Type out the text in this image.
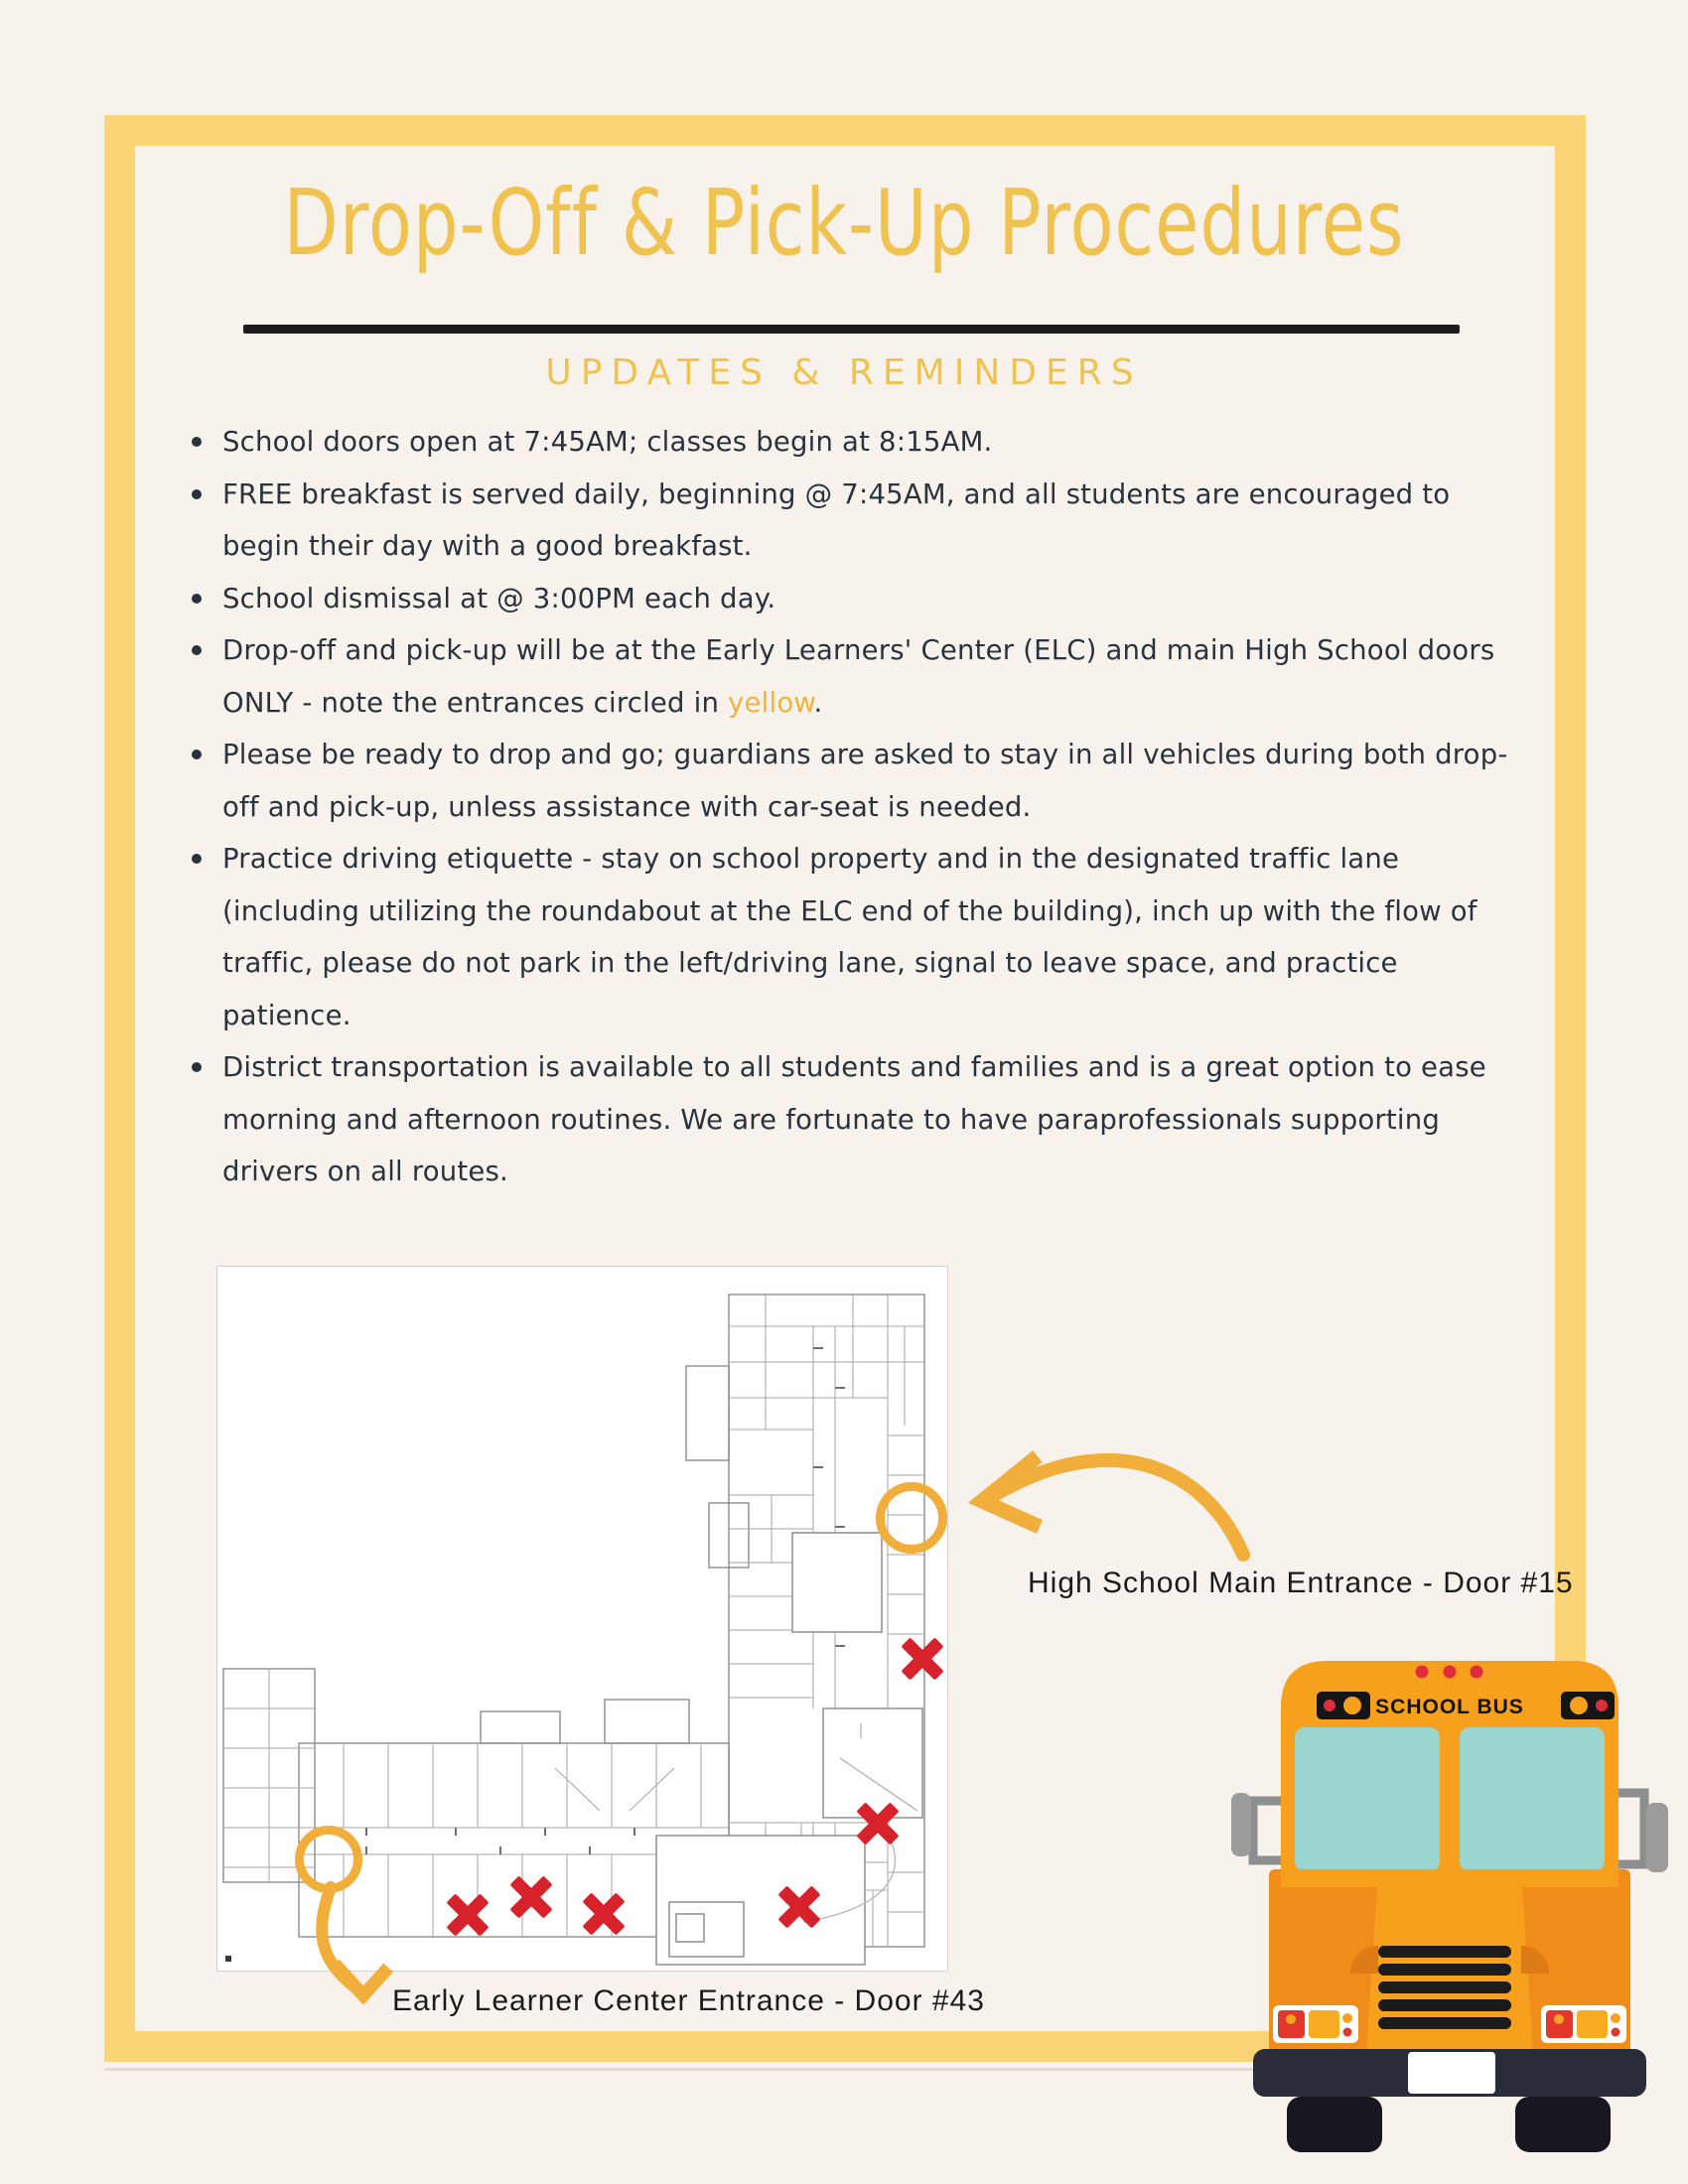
Drop-Off & Pick-Up Procedures
UPDATES & REMINDERS
School doors open at 7:45AM; classes begin at 8:15AM.
FREE breakfast is served daily, beginning @ 7:45AM, and all students are encouraged to begin their day with a good breakfast.
School dismissal at @ 3:00PM each day.
Drop-off and pick-up will be at the Early Learners' Center (ELC) and main High School doors ONLY - note the entrances circled in yellow.
Please be ready to drop and go; guardians are asked to stay in all vehicles during both drop-off and pick-up, unless assistance with car-seat is needed.
Practice driving etiquette - stay on school property and in the designated traffic lane (including utilizing the roundabout at the ELC end of the building), inch up with the flow of traffic, please do not park in the left/driving lane, signal to leave space, and practice patience.
District transportation is available to all students and families and is a great option to ease morning and afternoon routines. We are fortunate to have paraprofessionals supporting drivers on all routes.
High School Main Entrance - Door #15
Early Learner Center Entrance - Door #43
SCHOOL BUS
